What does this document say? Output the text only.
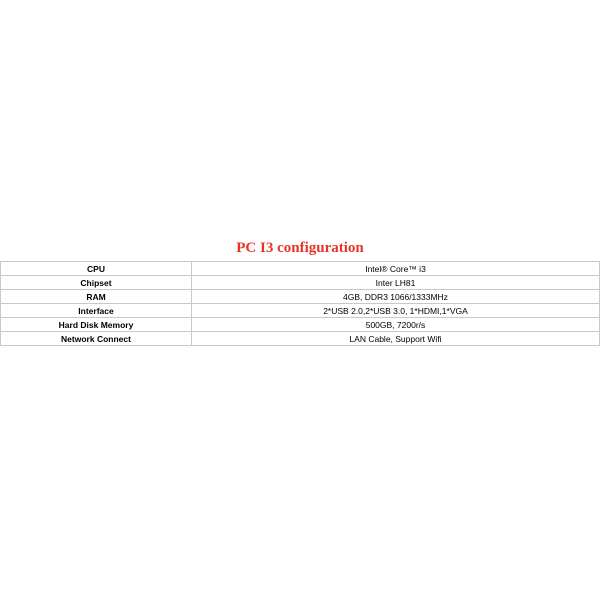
PC I3 configuration
CPU	Intel® Core™ i3
Chipset	Inter LH81
RAM	4GB, DDR3 1066/1333MHz
Interface	2*USB 2.0,2*USB 3.0, 1*HDMI,1*VGA
Hard Disk Memory	500GB, 7200r/s
Network Connect	LAN Cable, Support Wifi
